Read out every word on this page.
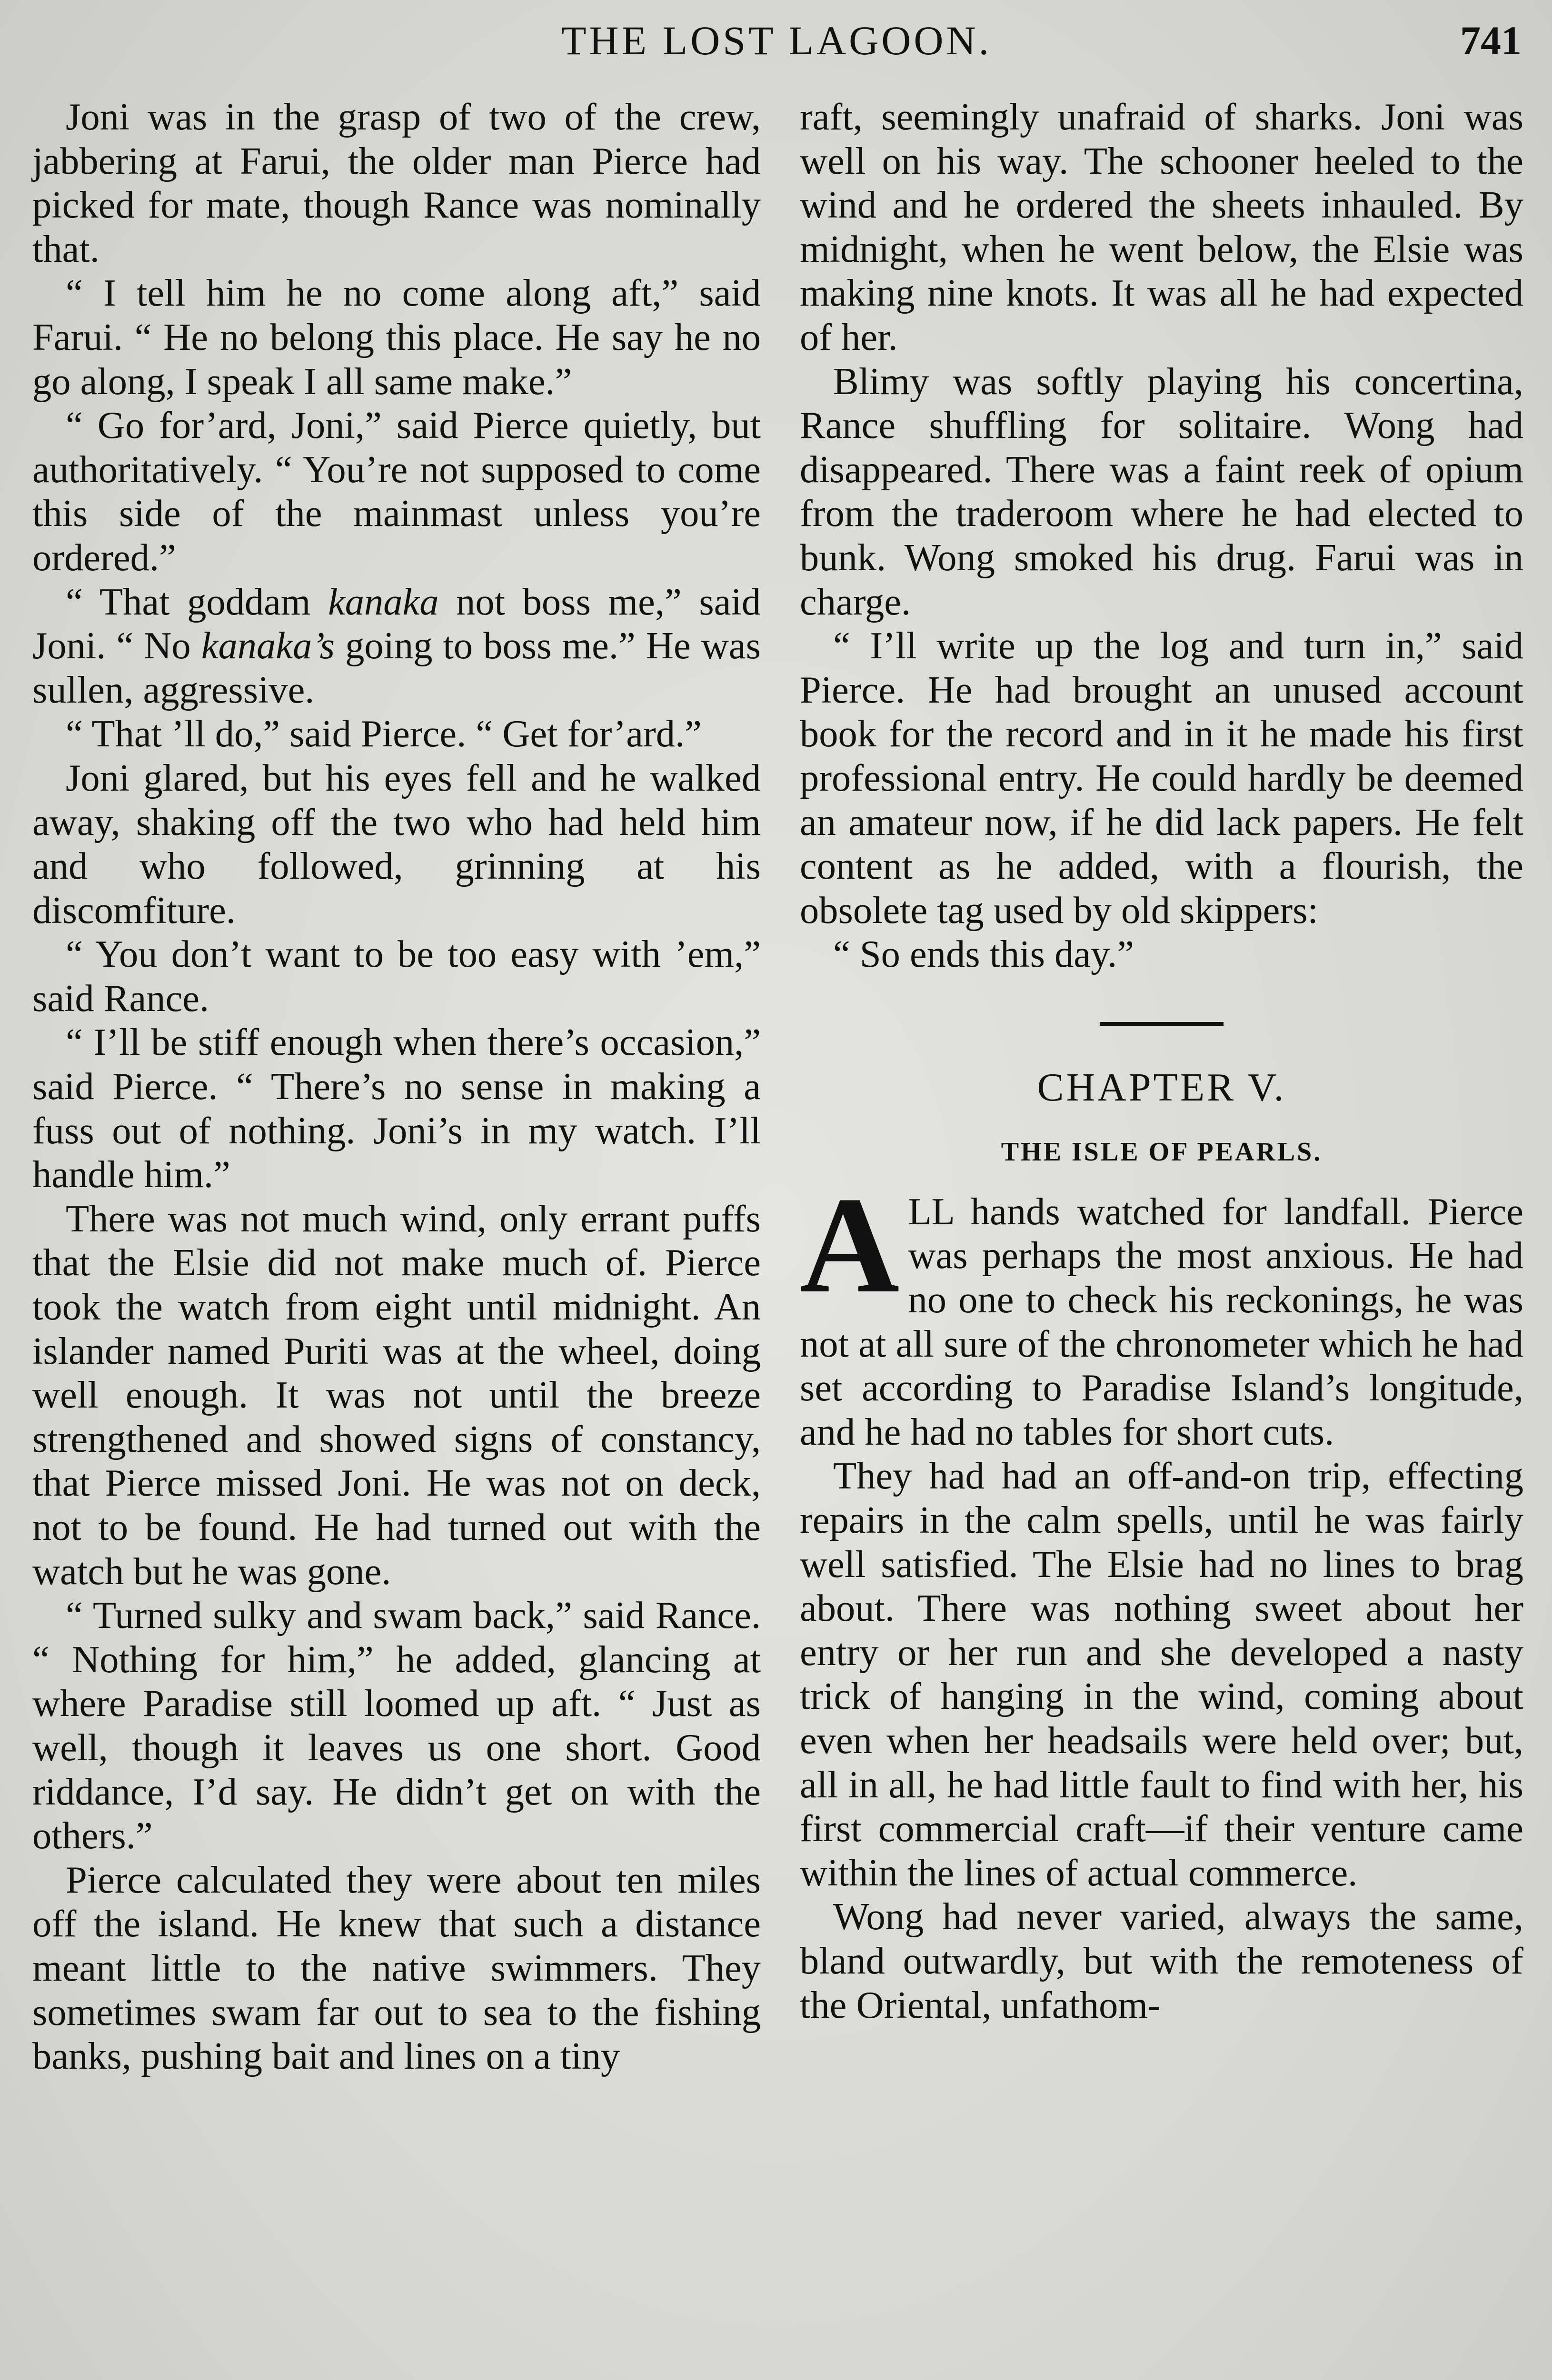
THE LOST LAGOON.	741

Joni was in the grasp of two of the crew, jabbering at Farui, the older man Pierce had picked for mate, though Rance was nominally that.

“ I tell him he no come along aft,” said Farui. “ He no belong this place. He say he no go along, I speak I all same make.”

“ Go for’ard, Joni,” said Pierce quietly, but authoritatively. “ You’re not supposed to come this side of the mainmast unless you’re ordered.”

“ That goddam kanaka not boss me,” said Joni. “ No kanaka’s going to boss me.” He was sullen, aggressive.

“ That ’ll do,” said Pierce. “ Get for’ard.”

Joni glared, but his eyes fell and he walked away, shaking off the two who had held him and who followed, grinning at his discomfiture.

“ You don’t want to be too easy with ’em,” said Rance.

“ I’ll be stiff enough when there’s occasion,” said Pierce. “ There’s no sense in making a fuss out of nothing. Joni’s in my watch. I’ll handle him.”

There was not much wind, only errant puffs that the Elsie did not make much of. Pierce took the watch from eight until midnight. An islander named Puriti was at the wheel, doing well enough. It was not until the breeze strengthened and showed signs of constancy, that Pierce missed Joni. He was not on deck, not to be found. He had turned out with the watch but he was gone.

“ Turned sulky and swam back,” said Rance. “ Nothing for him,” he added, glancing at where Paradise still loomed up aft. “ Just as well, though it leaves us one short. Good riddance, I’d say. He didn’t get on with the others.”

Pierce calculated they were about ten miles off the island. He knew that such a distance meant little to the native swimmers. They sometimes swam far out to sea to the fishing banks, pushing bait and lines on a tiny

raft, seemingly unafraid of sharks. Joni was well on his way. The schooner heeled to the wind and he ordered the sheets inhauled. By midnight, when he went below, the Elsie was making nine knots. It was all he had expected of her.

Blimy was softly playing his concertina, Rance shuffling for solitaire. Wong had disappeared. There was a faint reek of opium from the traderoom where he had elected to bunk. Wong smoked his drug. Farui was in charge.

“ I’ll write up the log and turn in,” said Pierce. He had brought an unused account book for the record and in it he made his first professional entry. He could hardly be deemed an amateur now, if he did lack papers. He felt content as he added, with a flourish, the obsolete tag used by old skippers:

“ So ends this day.”

CHAPTER V.
THE ISLE OF PEARLS.

ALL hands watched for landfall. Pierce was perhaps the most anxious. He had no one to check his reckonings, he was not at all sure of the chronometer which he had set according to Paradise Island’s longitude, and he had no tables for short cuts.

They had had an off-and-on trip, effecting repairs in the calm spells, until he was fairly well satisfied. The Elsie had no lines to brag about. There was nothing sweet about her entry or her run and she developed a nasty trick of hanging in the wind, coming about even when her headsails were held over; but, all in all, he had little fault to find with her, his first commercial craft—if their venture came within the lines of actual commerce.

Wong had never varied, always the same, bland outwardly, but with the remoteness of the Oriental, unfathom-
